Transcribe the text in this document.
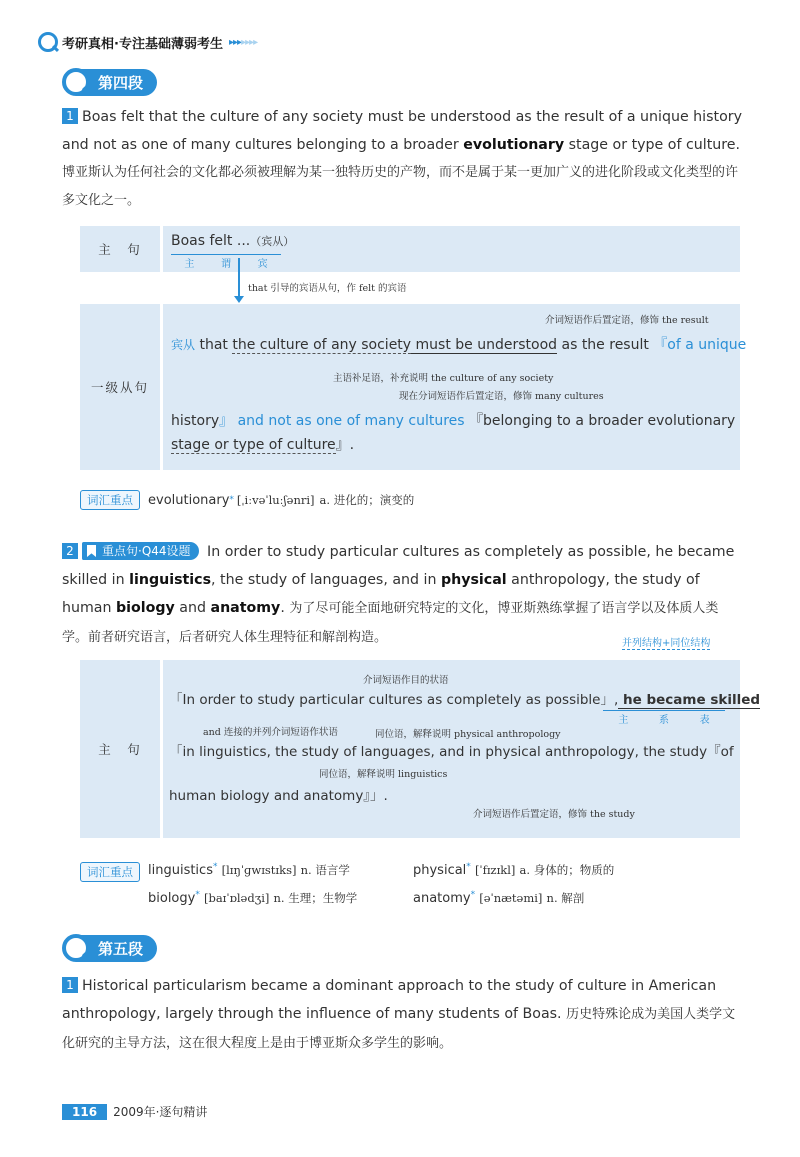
考研真相 ·专注基础薄弱考生 ▸▸▸▸▸▸▸
第四段
1 Boas felt that the culture of any society must be understood as the result of a unique history and not as one of many cultures belonging to a broader evolutionary stage or type of culture.
博亚斯认为任何社会的文化都必须被理解为某一独特历史的产物，而不是属于某一更加广义的进化阶段或文化类型的许多文化之一。
主　句
Boas felt ...（宾从）
主	谓	宾
that 引导的宾语从句，作 felt 的宾语
一级从句
介词短语作后置定语，修饰 the result
宾从 that the culture of any society must be understood as the result 『of a unique
主语补足语，补充说明 the culture of any society
现在分词短语作后置定语，修饰 many cultures
history』 and not as one of many cultures 『belonging to a broader evolutionary
stage or type of culture』.
词汇重点	evolutionary * [ˌiːvəˈluːʃənri] a. 进化的；演变的
2 重点句·Q44设题 In order to study particular cultures as completely as possible, he became skilled in linguistics, the study of languages, and in physical anthropology, the study of human biology and anatomy. 为了尽可能全面地研究特定的文化，博亚斯熟练掌握了语言学以及体质人类学。前者研究语言，后者研究人体生理特征和解剖构造。	并列结构+同位结构
主　句
介词短语作目的状语
「In order to study particular cultures as completely as possible」, he became skilled
主	系	表
and 连接的并列介词短语作状语	同位语，解释说明 physical anthropology
「in linguistics, the study of languages, and in physical anthropology, the study『of
同位语，解释说明 linguistics
human biology and anatomy』」.
介词短语作后置定语，修饰 the study
词汇重点	linguistics* [lɪŋˈɡwɪstɪks] n. 语言学	physical* [ˈfɪzɪkl] a. 身体的；物质的
biology* [baɪˈɒlədʒi] n. 生理；生物学	anatomy* [əˈnætəmi] n. 解剖
第五段
1 Historical particularism became a dominant approach to the study of culture in American anthropology, largely through the influence of many students of Boas. 历史特殊论成为美国人类学文化研究的主导方法，这在很大程度上是由于博亚斯众多学生的影响。
116	2009年·逐句精讲
